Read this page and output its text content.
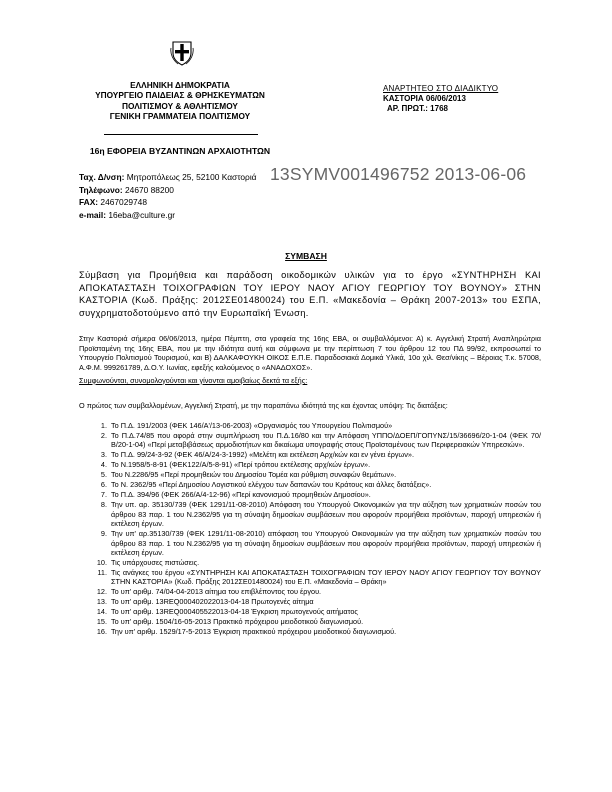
ΕΛΛΗΝΙΚΗ ΔΗΜΟΚΡΑΤΙΑ
ΥΠΟΥΡΓΕΙΟ ΠΑΙΔΕΙΑΣ & ΘΡΗΣΚΕΥΜΑΤΩΝ
ΠΟΛΙΤΙΣΜΟΥ & ΑΘΛΗΤΙΣΜΟΥ
ΓΕΝΙΚΗ ΓΡΑΜΜΑΤΕΙΑ ΠΟΛΙΤΙΣΜΟΥ
16η ΕΦΟΡΕΙΑ ΒΥΖΑΝΤΙΝΩΝ ΑΡΧΑΙΟΤΗΤΩΝ
ΑΝΑΡΤΗΤΕΟ ΣΤΟ ΔΙΑΔΙΚΤΥΟ
ΚΑΣΤΟΡΙΑ 06/06/2013
ΑΡ. ΠΡΩΤ.: 1768
Ταχ. Δ/νση: Μητροπόλεως 25, 52100 Καστοριά
Τηλέφωνο: 24670 88200
FAX: 2467029748
e-mail: 16eba@culture.gr
13SYMV001496752 2013-06-06
ΣΥΜΒΑΣΗ
Σύμβαση για Προμήθεια και παράδοση οικοδομικών υλικών για το έργο «ΣΥΝΤΗΡΗΣΗ ΚΑΙ ΑΠΟΚΑΤΑΣΤΑΣΗ ΤΟΙΧΟΓΡΑΦΙΩΝ ΤΟΥ ΙΕΡΟΥ ΝΑΟΥ ΑΓΙΟΥ ΓΕΩΡΓΙΟΥ ΤΟΥ ΒΟΥΝΟΥ» ΣΤΗΝ ΚΑΣΤΟΡΙΑ (Κωδ. Πράξης: 2012ΣΕ01480024) του Ε.Π. «Μακεδονία – Θράκη 2007-2013» του ΕΣΠΑ, συγχρηματοδοτούμενο από την Ευρωπαϊκή Ένωση.
Στην Καστοριά σήμερα 06/06/2013, ημέρα Πέμπτη, στα γραφεία της 16ης ΕΒΑ, οι συμβαλλόμενοι: Α) κ. Αγγελική Στρατή Αναπληρώτρια Προϊσταμένη της 16ης ΕΒΑ, που με την ιδιότητα αυτή και σύμφωνα με την περίπτωση 7 του άρθρου 12 του ΠΔ 99/92, εκπροσωπεί το Υπουργείο Πολιτισμού Τουρισμού, και Β) ΔΑΛΚΑΦΟΥΚΗ ΟΙΚΟΣ Ε.Π.Ε. Παραδοσιακά Δομικά Υλικά, 10ο χιλ. Θεσ/νίκης – Βέροιας Τ.κ. 57008, Α.Φ.Μ. 999261789, Δ.Ο.Υ. Ιωνίας, εφεξής καλούμενος ο «ΑΝΑΔΟΧΟΣ».
Συμφωνούνται, συνομολογούνται και γίνονται αμοιβαίως δεκτά τα εξής:
Ο πρώτος των συμβαλλομένων, Αγγελική Στρατή, με την παραπάνω ιδιότητά της και έχοντας υπόψη: Τις διατάξεις:
1. Το Π.Δ. 191/2003 (ΦΕΚ 146/Α'/13-06-2003) «Οργανισμός του Υπουργείου Πολιτισμού»
2. Το Π.Δ.74/85 που αφορά στην συμπλήρωση του Π.Δ.16/80 και την Απόφαση ΥΠΠΟ/ΔΟΕΠ/ΓΟΠΥΝΣ/15/36696/20-1-04 (ΦΕΚ 70/Β/20-1-04) «Περί μεταβιβάσεως αρμοδιοτήτων και δικαίωμα υπογραφής στους Προϊσταμένους των Περιφερειακών Υπηρεσιών».
3. Το Π.Δ. 99/24-3-92 (ΦΕΚ 46/Α/24-3-1992) «Μελέτη και εκτέλεση Αρχ/κών και εν γένει έργων».
4. Το Ν.1958/5-8-91 (ΦΕΚ122/Α/5-8-91) «Περί τρόπου εκτέλεσης αρχ/κών έργων».
5. Του Ν.2286/95 «Περί προμηθειών του Δημοσίου Τομέα και ρύθμιση συναφών θεμάτων».
6. Το Ν. 2362/95 «Περί Δημοσίου Λογιστικού ελέγχου των δαπανών του Κράτους και άλλες διατάξεις».
7. Το Π.Δ. 394/96 (ΦΕΚ 266/Α/4-12-96) «Περί κανονισμού προμηθειών Δημοσίου».
8. Την υπ. αρ. 35130/739 (ΦΕΚ 1291/11-08-2010) Απόφαση του Υπουργού Οικονομικών για την αύξηση των χρηματικών ποσών του άρθρου 83 παρ. 1 του Ν.2362/95 για τη σύναψη δημοσίων συμβάσεων που αφορούν προμήθεια προϊόντων, παροχή υπηρεσιών ή εκτέλεση έργων.
9. Την υπ' αρ.35130/739 (ΦΕΚ 1291/11-08-2010) απόφαση του Υπουργού Οικονομικών για την αύξηση των χρηματικών ποσών του άρθρου 83 παρ. 1 του Ν.2362/95 για τη σύναψη δημοσίων συμβάσεων που αφορούν προμήθεια προϊόντων, παροχή υπηρεσιών ή εκτέλεση έργων.
10. Τις υπάρχουσες πιστώσεις.
11. Τις ανάγκες του έργου «ΣΥΝΤΗΡΗΣΗ ΚΑΙ ΑΠΟΚΑΤΑΣΤΑΣΗ ΤΟΙΧΟΓΡΑΦΙΩΝ ΤΟΥ ΙΕΡΟΥ ΝΑΟΥ ΑΓΙΟΥ ΓΕΩΡΓΙΟΥ ΤΟΥ ΒΟΥΝΟΥ ΣΤΗΝ ΚΑΣΤΟΡΙΑ» (Κωδ. Πράξης 2012ΣΕ01480024) του Ε.Π. «Μακεδονία – Θράκη»
12. Το υπ' αριθμ. 74/04-04-2013 αίτημα του επιβλέποντος του έργου.
13. Το υπ' αριθμ. 13REQ000402022013-04-18 Πρωτογενές αίτημα
14. Το υπ' αριθμ. 13REQ000405522013-04-18 Έγκριση πρωτογενούς αιτήματος
15. Το υπ' αριθμ. 1504/16-05-2013 Πρακτικό πρόχειρου μειοδοτικού διαγωνισμού.
16. Την υπ' αριθμ. 1529/17-5-2013 Έγκριση πρακτικού πρόχειρου μειοδοτικού διαγωνισμού.
